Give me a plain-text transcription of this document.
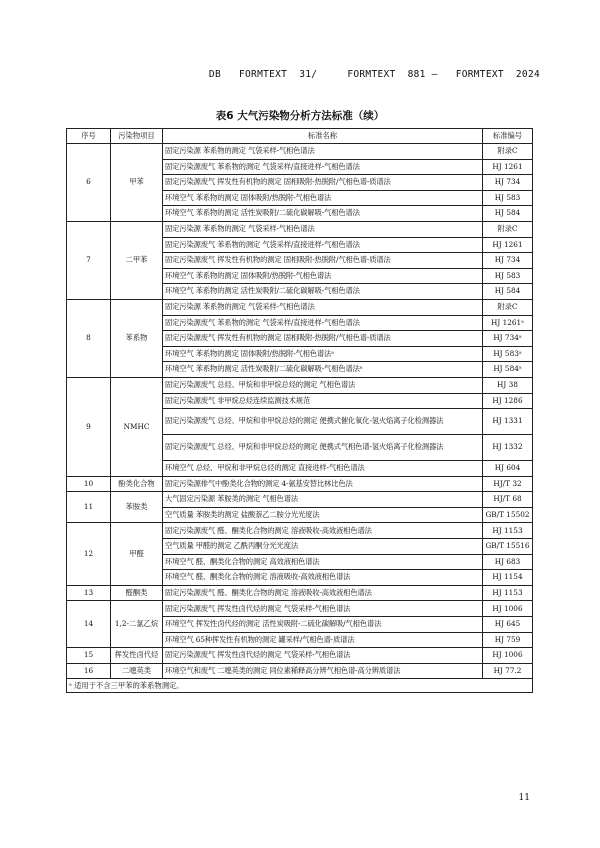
DB   FORMTEXT  31/     FORMTEXT  881 —   FORMTEXT  2024
表6 大气污染物分析方法标准（续）
序号	污染物项目	标准名称	标准编号
6	甲苯	固定污染源 苯系物的测定 气袋采样-气相色谱法	附录C
		固定污染源废气 苯系物的测定 气袋采样/直接进样-气相色谱法	HJ 1261
		固定污染源废气 挥发性有机物的测定 固相吸附-热脱附/气相色谱-质谱法	HJ 734
		环境空气 苯系物的测定 固体吸附/热脱附-气相色谱法	HJ 583
		环境空气 苯系物的测定 活性炭吸附/二硫化碳解吸-气相色谱法	HJ 584
7	二甲苯	固定污染源 苯系物的测定 气袋采样-气相色谱法	附录C
		固定污染源废气 苯系物的测定 气袋采样/直接进样-气相色谱法	HJ 1261
		固定污染源废气 挥发性有机物的测定 固相吸附-热脱附/气相色谱-质谱法	HJ 734
		环境空气 苯系物的测定 固体吸附/热脱附-气相色谱法	HJ 583
		环境空气 苯系物的测定 活性炭吸附/二硫化碳解吸-气相色谱法	HJ 584
8	苯系物	固定污染源 苯系物的测定 气袋采样-气相色谱法	附录C
		固定污染源废气 苯系物的测定 气袋采样/直接进样-气相色谱法	HJ 1261ᵃ
		固定污染源废气 挥发性有机物的测定 固相吸附-热脱附/气相色谱-质谱法	HJ 734ᵃ
		环境空气 苯系物的测定 固体吸附/热脱附-气相色谱法ᵃ	HJ 583ᵃ
		环境空气 苯系物的测定 活性炭吸附/二硫化碳解吸-气相色谱法ᵃ	HJ 584ᵃ
9	NMHC	固定污染源废气 总烃、甲烷和非甲烷总烃的测定 气相色谱法	HJ 38
		固定污染源废气 非甲烷总烃连续监测技术规范	HJ 1286
		固定污染源废气 总烃、甲烷和非甲烷总烃的测定 便携式催化氧化-氢火焰离子化检测器法	HJ 1331
		固定污染源废气 总烃、甲烷和非甲烷总烃的测定 便携式气相色谱-氢火焰离子化检测器法	HJ 1332
		环境空气 总烃、甲烷和非甲烷总烃的测定 直接进样-气相色谱法	HJ 604
10	酚类化合物	固定污染源排气中酚类化合物的测定 4-氨基安替比林比色法	HJ/T 32
11	苯胺类	大气固定污染源 苯胺类的测定 气相色谱法	HJ/T 68
		空气质量 苯胺类的测定 盐酸萘乙二胺分光光度法	GB/T 15502
12	甲醛	固定污染源废气 醛、酮类化合物的测定 溶液吸收-高效液相色谱法	HJ 1153
		空气质量 甲醛的测定 乙酰丙酮分光光度法	GB/T 15516
		环境空气 醛、酮类化合物的测定 高效液相色谱法	HJ 683
		环境空气 醛、酮类化合物的测定 溶液吸收-高效液相色谱法	HJ 1154
13	醛酮类	固定污染源废气 醛、酮类化合物的测定 溶液吸收-高效液相色谱法	HJ 1153
14	1,2-二氯乙烷	固定污染源废气 挥发性卤代烃的测定 气袋采样-气相色谱法	HJ 1006
		环境空气 挥发性卤代烃的测定 活性炭吸附-二硫化碳解吸/气相色谱法	HJ 645
		环境空气 65种挥发性有机物的测定 罐采样/气相色谱-质谱法	HJ 759
15	挥发性卤代烃	固定污染源废气 挥发性卤代烃的测定 气袋采样-气相色谱法	HJ 1006
16	二噁英类	环境空气和废气 二噁英类的测定 同位素稀释高分辨气相色谱-高分辨质谱法	HJ 77.2
ᵃ 适用于不含三甲苯的苯系物测定。			
11
